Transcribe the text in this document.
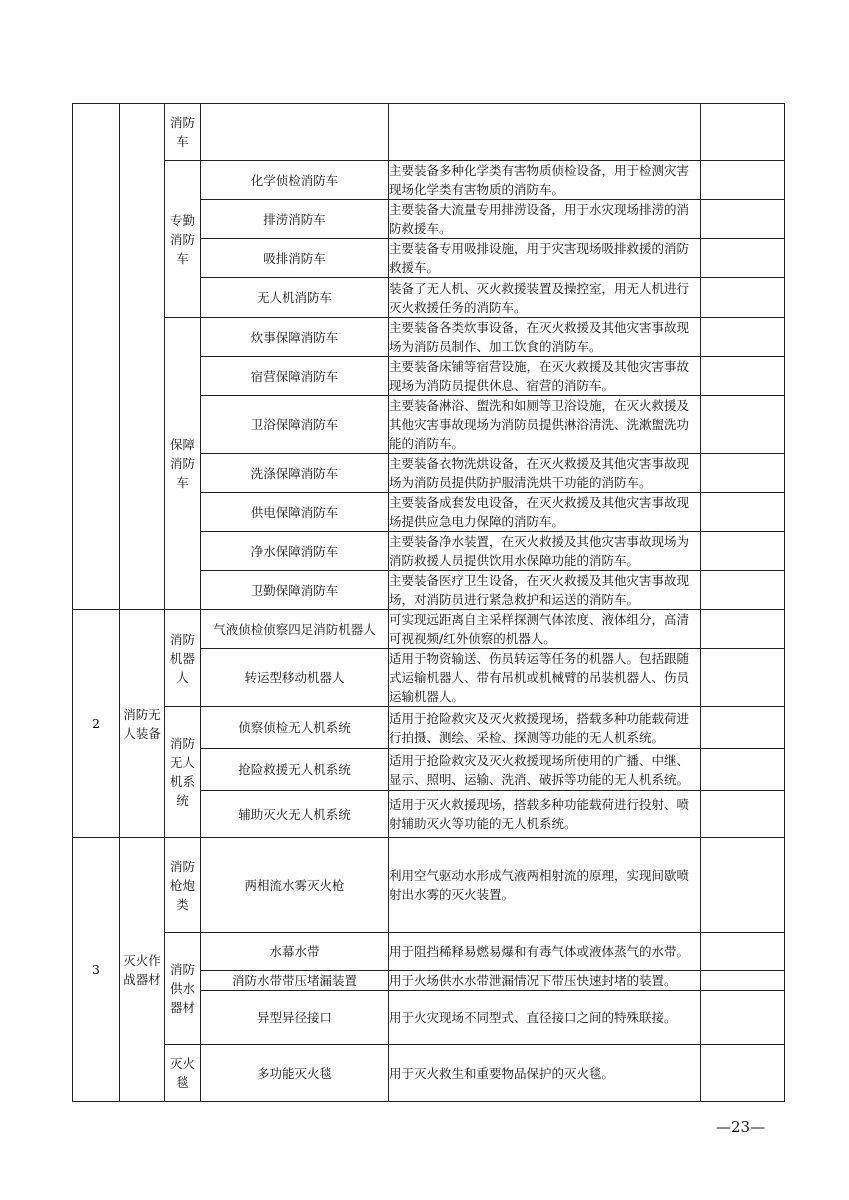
		消防车			
		专勤消防车	化学侦检消防车	主要装备多种化学类有害物质侦检设备，用于检测灾害现场化学类有害物质的消防车。	
			排涝消防车	主要装备大流量专用排涝设备，用于水灾现场排涝的消防救援车。	
			吸排消防车	主要装备专用吸排设施，用于灾害现场吸排救援的消防救援车。	
			无人机消防车	装备了无人机、灭火救援装置及操控室，用无人机进行灭火救援任务的消防车。	
		保障消防车	炊事保障消防车	主要装备各类炊事设备，在灭火救援及其他灾害事故现场为消防员制作、加工饮食的消防车。	
			宿营保障消防车	主要装备床铺等宿营设施，在灭火救援及其他灾害事故现场为消防员提供休息、宿营的消防车。	
			卫浴保障消防车	主要装备淋浴、盥洗和如厕等卫浴设施，在灭火救援及其他灾害事故现场为消防员提供淋浴清洗、洗漱盥洗功能的消防车。	
			洗涤保障消防车	主要装备衣物洗烘设备，在灭火救援及其他灾害事故现场为消防员提供防护服清洗烘干功能的消防车。	
			供电保障消防车	主要装备成套发电设备，在灭火救援及其他灾害事故现场提供应急电力保障的消防车。	
			净水保障消防车	主要装备净水装置，在灭火救援及其他灾害事故现场为消防救援人员提供饮用水保障功能的消防车。	
			卫勤保障消防车	主要装备医疗卫生设备，在灭火救援及其他灾害事故现场，对消防员进行紧急救护和运送的消防车。	
2	消防无人装备	消防机器人	气液侦检侦察四足消防机器人	可实现远距离自主采样探测气体浓度、液体组分，高清可视视频/红外侦察的机器人。	
			转运型移动机器人	适用于物资输送、伤员转运等任务的机器人。包括跟随式运输机器人、带有吊机或机械臂的吊装机器人、伤员运输机器人。	
		消防无人机系统	侦察侦检无人机系统	适用于抢险救灾及灭火救援现场，搭载多种功能载荷进行拍摄、测绘、采检、探测等功能的无人机系统。	
			抢险救援无人机系统	适用于抢险救灾及灭火救援现场所使用的广播、中继、显示、照明、运输、洗消、破拆等功能的无人机系统。	
			辅助灭火无人机系统	适用于灭火救援现场，搭载多种功能载荷进行投射、喷射辅助灭火等功能的无人机系统。	
3	灭火作战器材	消防枪炮类	两相流水雾灭火枪	利用空气驱动水形成气液两相射流的原理，实现间歇喷射出水雾的灭火装置。	
		消防供水器材	水幕水带	用于阻挡稀释易燃易爆和有毒气体或液体蒸气的水带。	
			消防水带带压堵漏装置	用于火场供水水带泄漏情况下带压快速封堵的装置。	
			异型异径接口	用于火灾现场不同型式、直径接口之间的特殊联接。	
		灭火毯	多功能灭火毯	用于灭火救生和重要物品保护的灭火毯。	
—23—
